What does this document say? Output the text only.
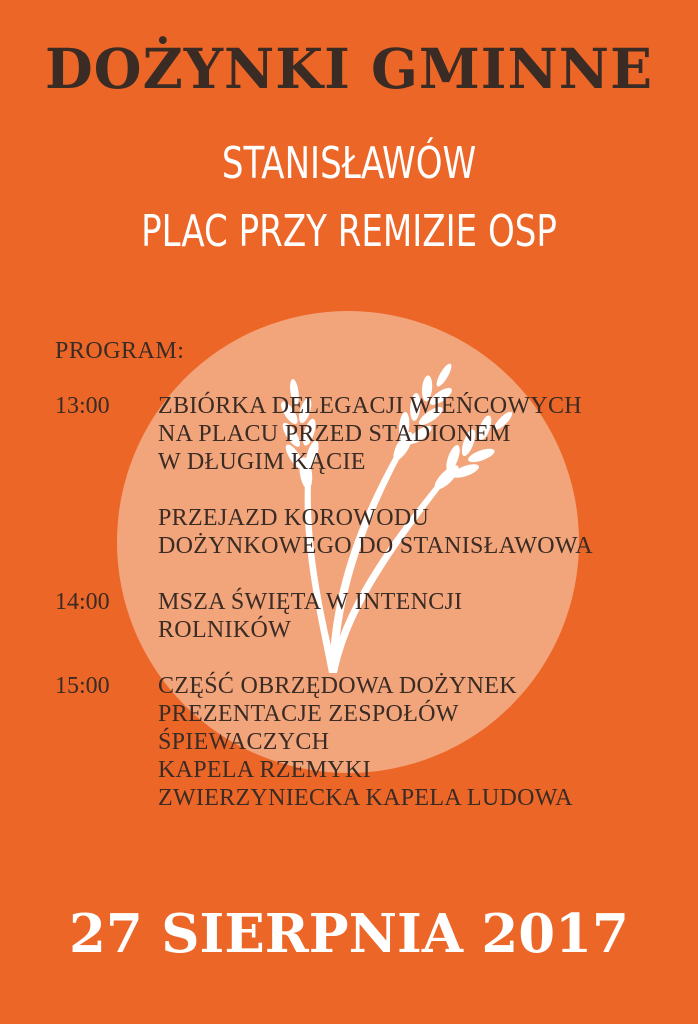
DOŻYNKI GMINNE
STANISŁAWÓW
PLAC PRZY REMIZIE OSP
PROGRAM:
13:00 ZBIÓRKA DELEGACJI WIEŃCOWYCH
NA PLACU PRZED STADIONEM
W DŁUGIM KĄCIE
PRZEJAZD KOROWODU
DOŻYNKOWEGO DO STANISŁAWOWA
14:00 MSZA ŚWIĘTA W INTENCJI
ROLNIKÓW
15:00 CZĘŚĆ OBRZĘDOWA DOŻYNEK
PREZENTACJE ZESPOŁÓW
ŚPIEWACZYCH
KAPELA RZEMYKI
ZWIERZYNIECKA KAPELA LUDOWA
27 SIERPNIA 2017
